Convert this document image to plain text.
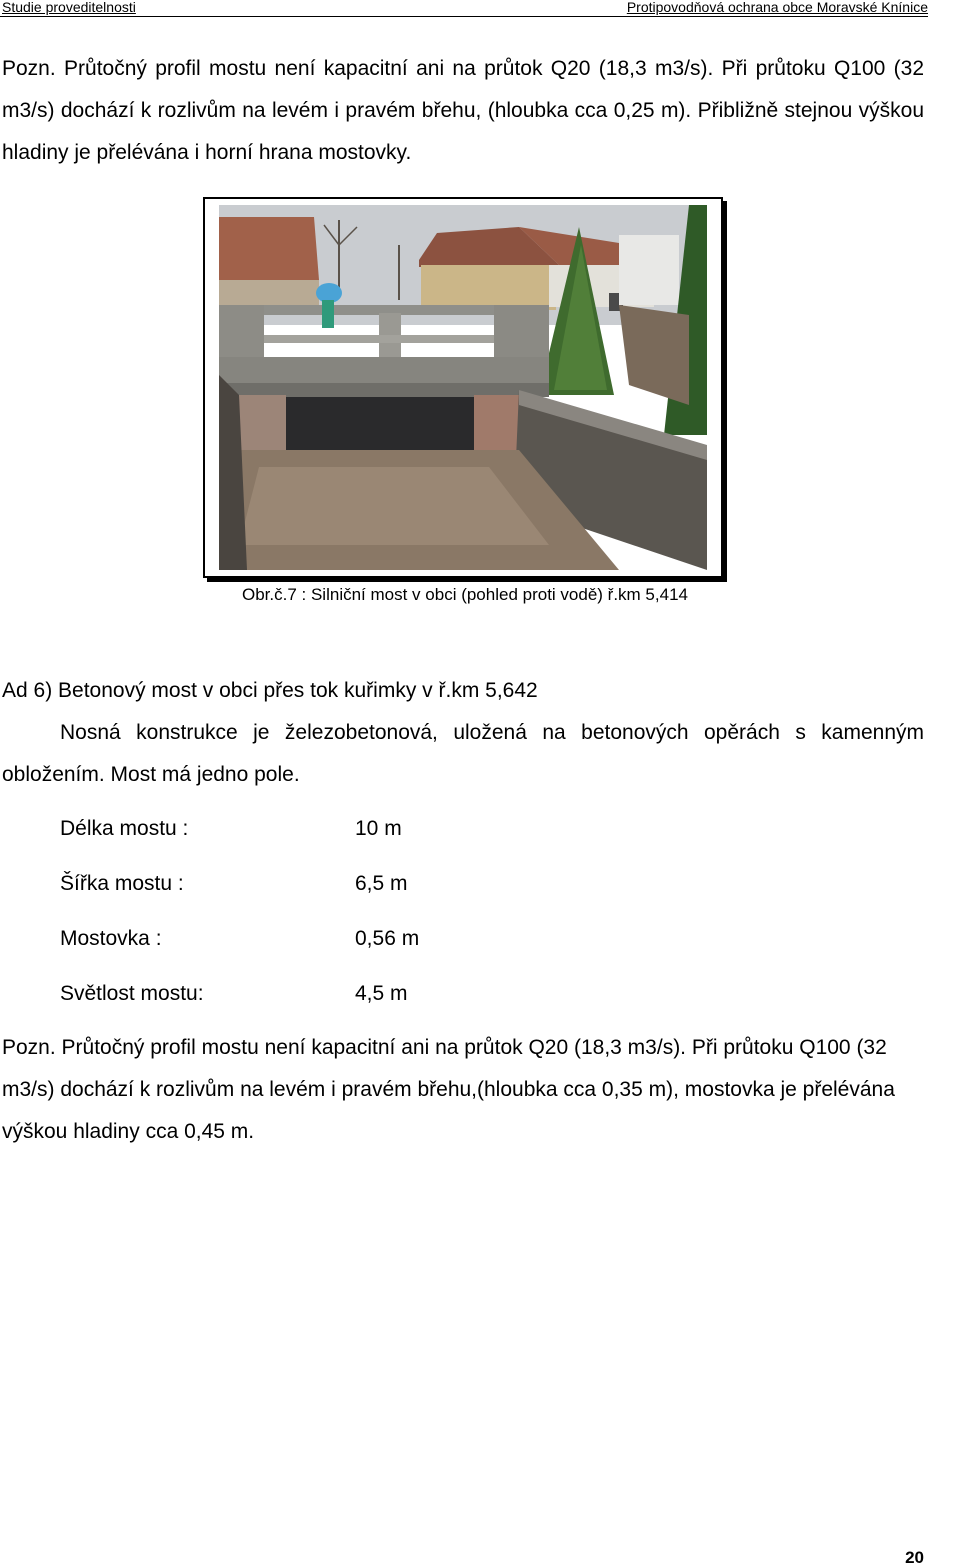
Studie proveditelnosti	Protipovodňová ochrana obce Moravské Knínice
Pozn. Průtočný profil mostu není kapacitní ani na průtok Q20 (18,3 m3/s). Při průtoku Q100 (32 m3/s) dochází k rozlivům na levém i pravém břehu, (hloubka cca 0,25 m). Přibližně stejnou výškou hladiny je přelévána i horní hrana mostovky.
Obr.č.7 : Silniční most v obci (pohled proti vodě) ř.km 5,414
Ad 6) Betonový most v obci přes tok kuřimky v ř.km 5,642
Nosná konstrukce je železobetonová, uložená na betonových opěrách s kamenným obložením. Most má jedno pole.
Délka mostu :	10 m
Šířka mostu :	6,5 m
Mostovka :	0,56 m
Světlost mostu:	4,5 m
Pozn. Průtočný profil mostu není kapacitní ani na průtok Q20 (18,3 m3/s). Při průtoku Q100 (32 m3/s) dochází k rozlivům na levém i pravém břehu,(hloubka cca 0,35 m), mostovka je přelévána výškou hladiny cca 0,45 m.
20
